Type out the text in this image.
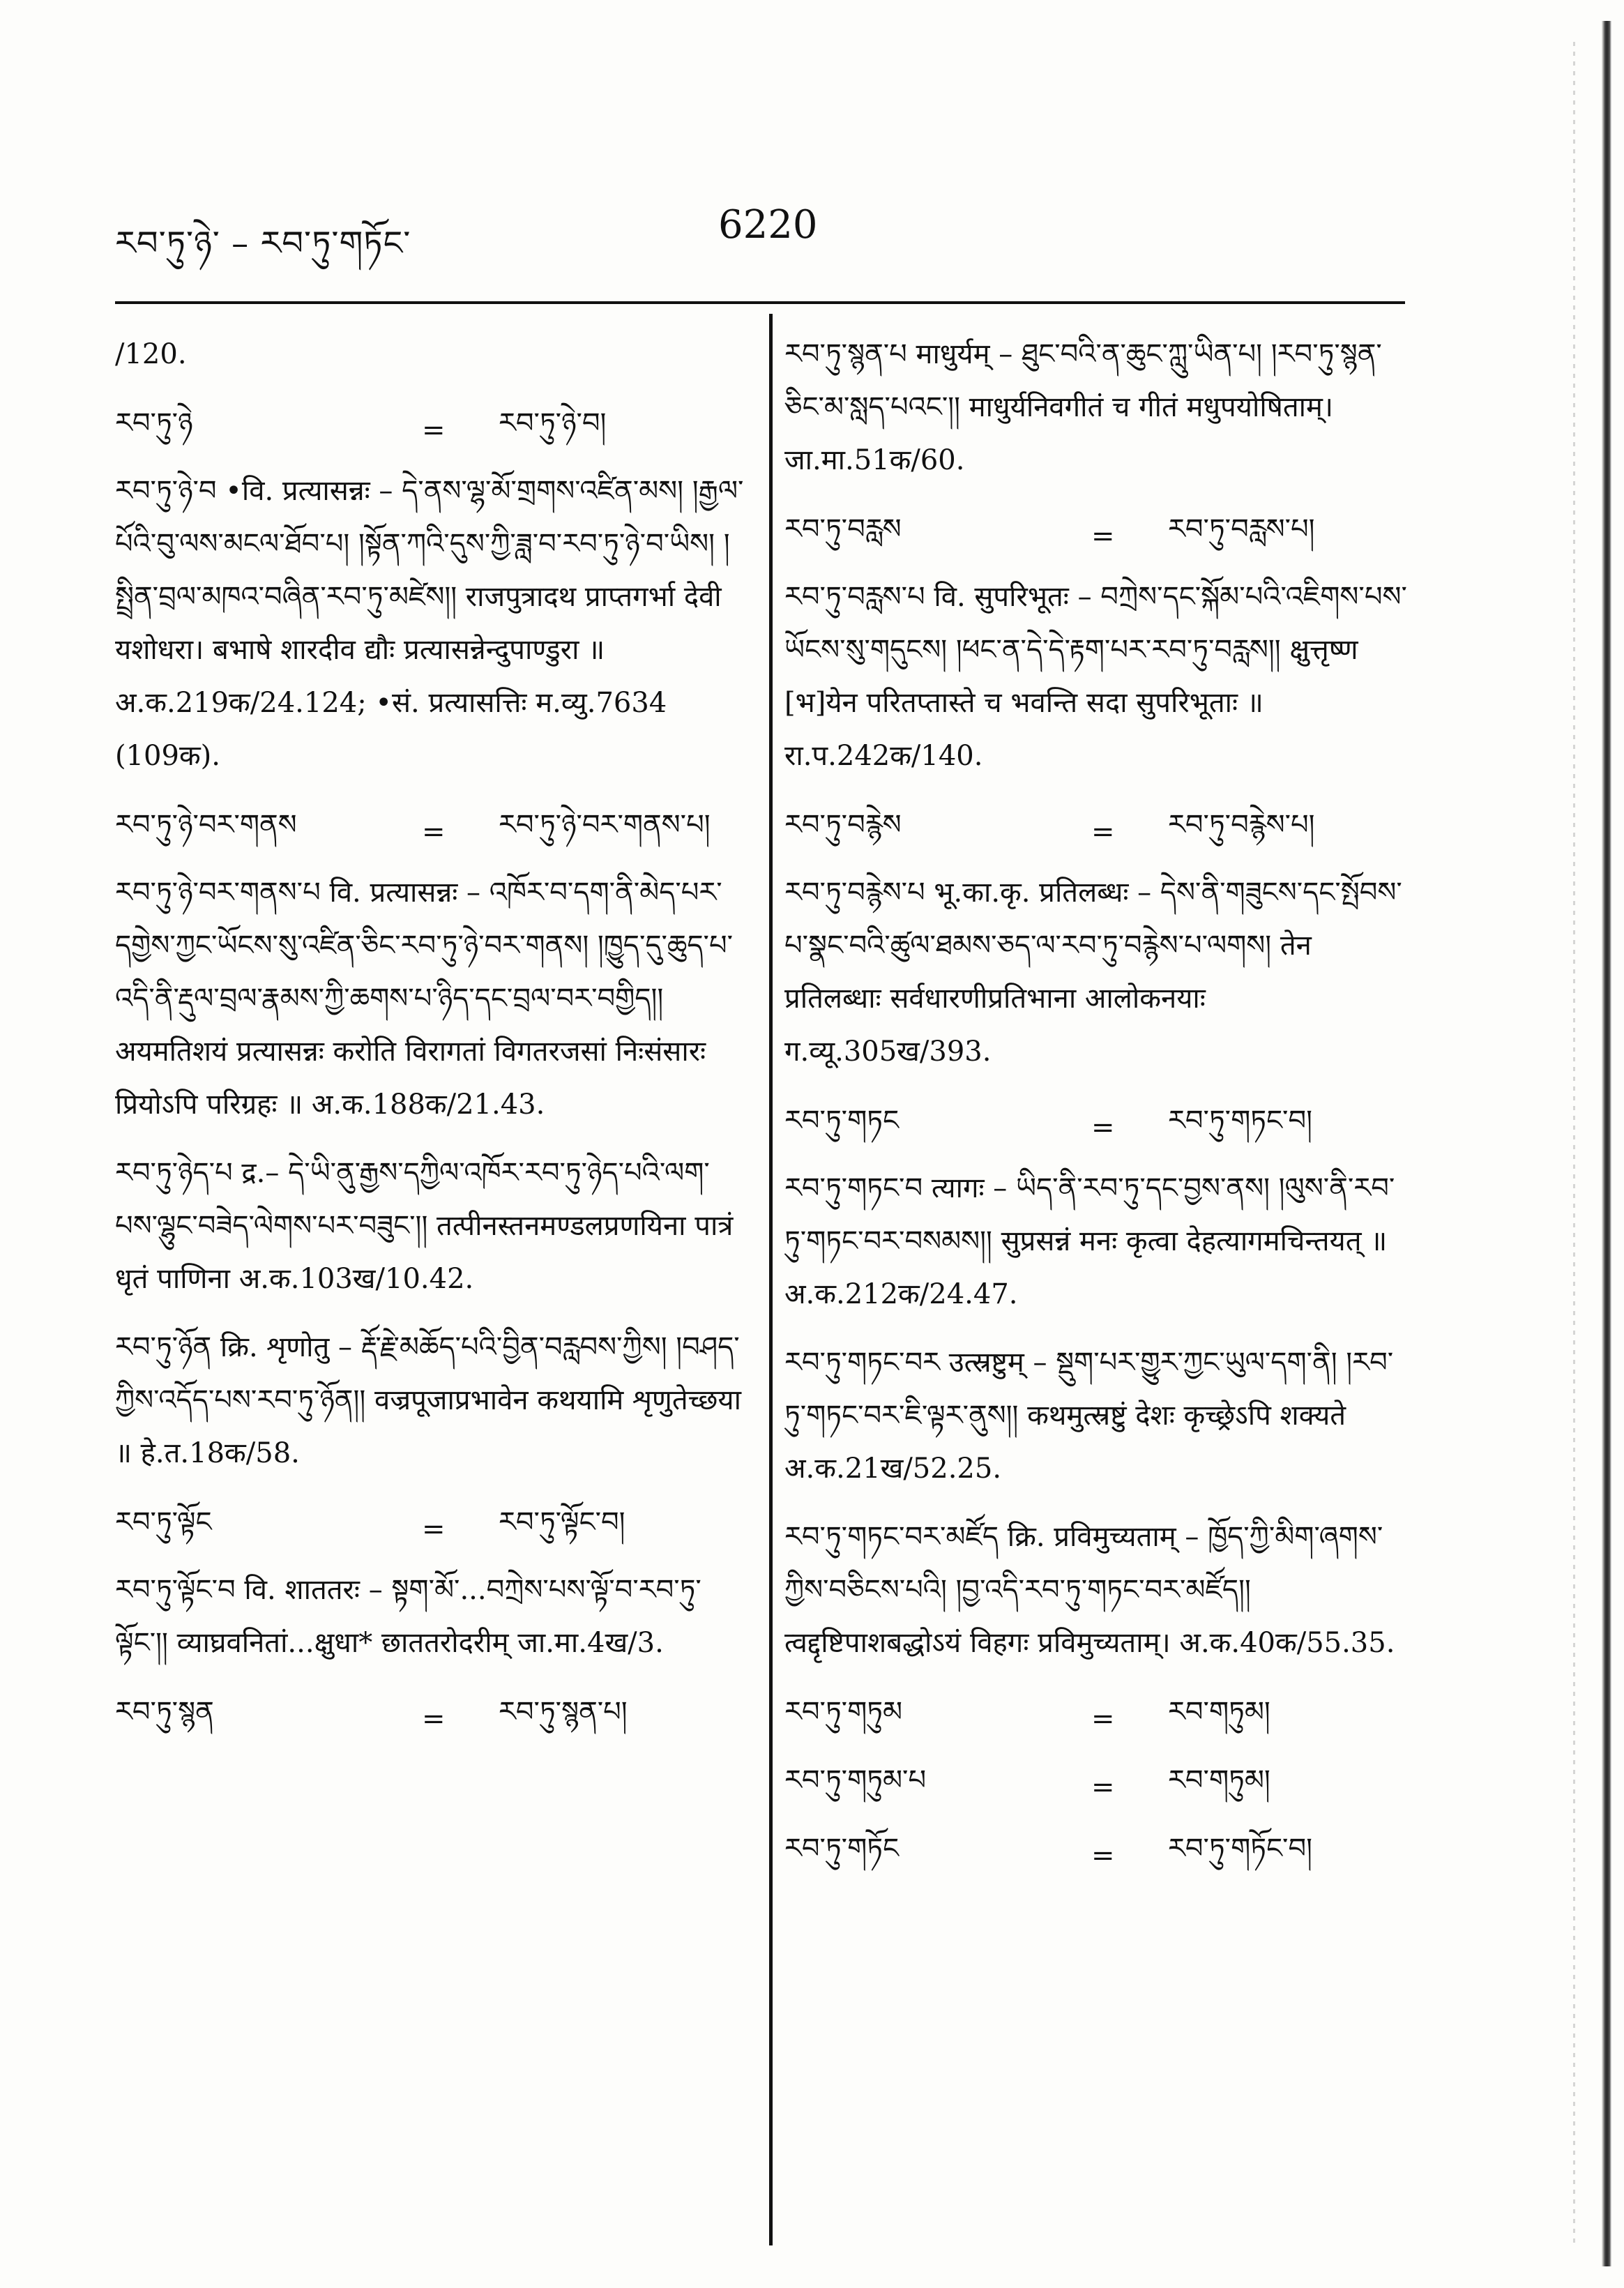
རབ་ཏུ་ཉེ་ – རབ་ཏུ་གཏོང་	6220
/120.
རབ་ཏུ་ཉེ	=	རབ་ཏུ་ཉེ་བ།
རབ་ཏུ་ཉེ་བ •वि. प्रत्यासन्नः – དེ་ནས་ལྷ་མོ་གྲགས་འཛིན་མས། །རྒྱལ་པོའི་བུ་ལས་མངལ་ཐོབ་པ། །སྟོན་ཀའི་དུས་ཀྱི་ཟླ་བ་རབ་ཏུ་ཉེ་བ་ཡིས། །སྤྲིན་བྲལ་མཁའ་བཞིན་རབ་ཏུ་མཛེས།། राजपुत्रादथ प्राप्तगर्भा देवी यशोधरा। बभाषे शारदीव द्यौः प्रत्यासन्नेन्दुपाण्डुरा ॥ अ.क.219क/24.124; •सं. प्रत्यासत्तिः म.व्यु.7634 (109क).
རབ་ཏུ་ཉེ་བར་གནས	=	རབ་ཏུ་ཉེ་བར་གནས་པ།
རབ་ཏུ་ཉེ་བར་གནས་པ वि. प्रत्यासन्नः – འཁོར་བ་དག་ནི་མེད་པར་དགྱེས་ཀྱང་ཡོངས་སུ་འཛིན་ཅིང་རབ་ཏུ་ཉེ་བར་གནས། །ཁྱུད་དུ་ཆུད་པ་འདི་ནི་རྡུལ་བྲལ་རྣམས་ཀྱི་ཆགས་པ་ཉིད་དང་བྲལ་བར་བགྱིད།། अयमतिशयं प्रत्यासन्नः करोति विरागतां विगतरजसां निःसंसारः प्रियोऽपि परिग्रहः ॥ अ.क.188क/21.43.
རབ་ཏུ་ཉེད་པ द्र.– དེ་ཡི་ནུ་རྒྱས་དཀྱིལ་འཁོར་རབ་ཏུ་ཉེད་པའི་ལག་པས་ལྷུང་བཟེད་ལེགས་པར་བཟུང་།། तत्पीनस्तनमण्डलप्रणयिना पात्रं धृतं पाणिना अ.क.103ख/10.42.
རབ་ཏུ་ཉོན क्रि. शृणोतु – རྡོ་རྗེ་མཆོད་པའི་བྱིན་བརླབས་ཀྱིས། །བཤད་ཀྱིས་འདོད་པས་རབ་ཏུ་ཉོན།། वज्रपूजाप्रभावेन कथयामि शृणुतेच्छया ॥ हे.त.18क/58.
རབ་ཏུ་ལྟོང	=	རབ་ཏུ་ལྟོང་བ།
རབ་ཏུ་ལྟོང་བ वि. शाततरः – སྟག་མོ་...བཀྲེས་པས་ལྟོ་བ་རབ་ཏུ་ལྟོང་།། व्याघ्रवनितां...क्षुधा* छाततरोदरीम् जा.मा.4ख/3.
རབ་ཏུ་སྙན	=	རབ་ཏུ་སྙན་པ།
རབ་ཏུ་སྙན་པ माधुर्यम् – ཐུང་བའི་ན་ཆུང་ཀླུ་ཡིན་པ། །རབ་ཏུ་སྙན་ཅིང་མ་སླད་པའང་།། माधुर्यनिवगीतं च गीतं मधुपयोषिताम्। जा.मा.51क/60.
རབ་ཏུ་བརླས	=	རབ་ཏུ་བརླས་པ།
རབ་ཏུ་བརླས་པ वि. सुपरिभूतः – བཀྲེས་དང་སྐོམ་པའི་འཇིགས་པས་ཡོངས་སུ་གདུངས། །ཕང་ན་དེ་དེ་རྟག་པར་རབ་ཏུ་བརླས།། क्षुत्तृष्ण [भ]येन परितप्तास्ते च भवन्ति सदा सुपरिभूताः ॥ रा.प.242क/140.
རབ་ཏུ་བརྙེས	=	རབ་ཏུ་བརྙེས་པ།
རབ་ཏུ་བརྙེས་པ भू.का.कृ. प्रतिलब्धः – དེས་ནི་གཟུངས་དང་སྤོབས་པ་སྣང་བའི་ཚུལ་ཐམས་ཅད་ལ་རབ་ཏུ་བརྙེས་པ་ལགས། तेन प्रतिलब्धाः सर्वधारणीप्रतिभाना आलोकनयाः ग.व्यू.305ख/393.
རབ་ཏུ་གཏང	=	རབ་ཏུ་གཏང་བ།
རབ་ཏུ་གཏང་བ त्यागः – ཡིད་ནི་རབ་ཏུ་དང་བྱས་ནས། །ལུས་ནི་རབ་ཏུ་གཏང་བར་བསམས།། सुप्रसन्नं मनः कृत्वा देहत्यागमचिन्तयत् ॥ अ.क.212क/24.47.
རབ་ཏུ་གཏང་བར उत्स्रष्टुम् – སྡུག་པར་གྱུར་ཀྱང་ཡུལ་དག་ནི། །རབ་ཏུ་གཏང་བར་ཇི་ལྟར་ནུས།། कथमुत्स्रष्टुं देशः कृच्छ्रेऽपि शक्यते अ.क.21ख/52.25.
རབ་ཏུ་གཏང་བར་མཛོད क्रि. प्रविमुच्यताम् – ཁྱོད་ཀྱི་མིག་ཞགས་ཀྱིས་བཅིངས་པའི། །བྱ་འདི་རབ་ཏུ་གཏང་བར་མཛོད།། त्वद्दृष्टिपाशबद्धोऽयं विहगः प्रविमुच्यताम्। अ.क.40क/55.35.
རབ་ཏུ་གཏུམ	=	རབ་གཏུམ།
རབ་ཏུ་གཏུམ་པ	=	རབ་གཏུམ།
རབ་ཏུ་གཏོང	=	རབ་ཏུ་གཏོང་བ།
